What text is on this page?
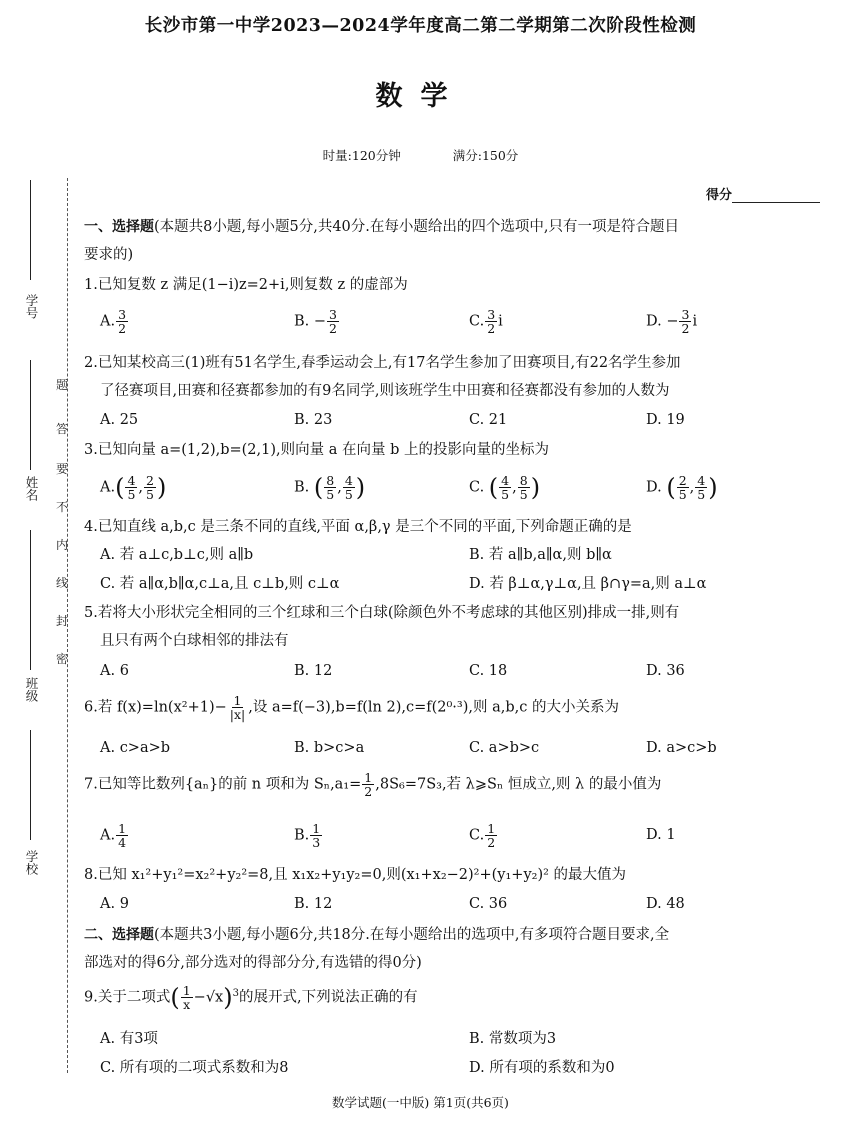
长沙市第一中学2023—2024学年度高二第二学期第二次阶段性检测
数学
时量:120分钟	满分:150分
得分
学号
姓名
班级
学校
密
封
线
内
不
要
答
题
一、选择题(本题共8小题,每小题5分,共40分.在每小题给出的四个选项中,只有一项是符合题目
要求的)
1.已知复数 z 满足(1−i)z=2+i,则复数 z 的虚部为
A. $\frac{3}{2}$	B. − $\frac{3}{2}$	C. $\frac{3}{2}$ i	D. − $\frac{3}{2}$ i
2.已知某校高三(1)班有51名学生,春季运动会上,有17名学生参加了田赛项目,有22名学生参加
了径赛项目,田赛和径赛都参加的有9名同学,则该班学生中田赛和径赛都没有参加的人数为
A. 25	B. 23	C. 21	D. 19
3.已知向量 a=(1,2),b=(2,1),则向量 a 在向量 b 上的投影向量的坐标为
$A.( \frac{4}{5}$ , $\frac{2}{5}$ )	B. ( $\frac{8}{5}$ , $\frac{4}{5}$ )	C. ( $\frac{4}{5}$ , $\frac{8}{5}$ )	D. ( $\frac{2}{5}$ , $\frac{4}{5}$ )
4.已知直线 a,b,c 是三条不同的直线,平面 α,β,γ 是三个不同的平面,下列命题正确的是
A. 若 a⊥c,b⊥c,则 a∥b	B. 若 a∥b,a∥α,则 b∥α
C. 若 a∥α,b∥α,c⊥a,且 c⊥b,则 c⊥α	D. 若 β⊥α,γ⊥α,且 β∩γ=a,则 a⊥α
5.若将大小形状完全相同的三个红球和三个白球(除颜色外不考虑球的其他区别)排成一排,则有
且只有两个白球相邻的排法有
A. 6	B. 12	C. 18	D. 36
6.若 $f(x)=\ln(x^2+1)- \frac{1}{|x|}$ ,设 a=f(−3),b=f(ln 2),c=f(2⁰·³),则 a,b,c 的大小关系为
A. c>a>b	B. b>c>a	C. a>b>c	D. a>c>b
7.已知等比数列{aₙ}的前 n 项和为 $S_n,a_1= \frac{1}{2} ,8S_6=7S_3$,若 λ⩾Sₙ 恒成立,则 λ 的最小值为
A. $\frac{1}{4}$	B. $\frac{1}{3}$	C. $\frac{1}{2}$	D. 1
8.已知 x₁²+y₁²=x₂²+y₂²=8,且 x₁x₂+y₁y₂=0,则(x₁+x₂−2)²+(y₁+y₂)² 的最大值为
A. 9	B. 12	C. 36	D. 48
二、选择题(本题共3小题,每小题6分,共18分.在每小题给出的选项中,有多项符合题目要求,全
部选对的得6分,部分选对的得部分分,有选错的得0分)
9.关于二项式( $\frac{1}{x} -√x)^3$的展开式,下列说法正确的有
A. 有3项	B. 常数项为3
C. 所有项的二项式系数和为8	D. 所有项的系数和为0
数学试题(一中版) 第1页(共6页)
